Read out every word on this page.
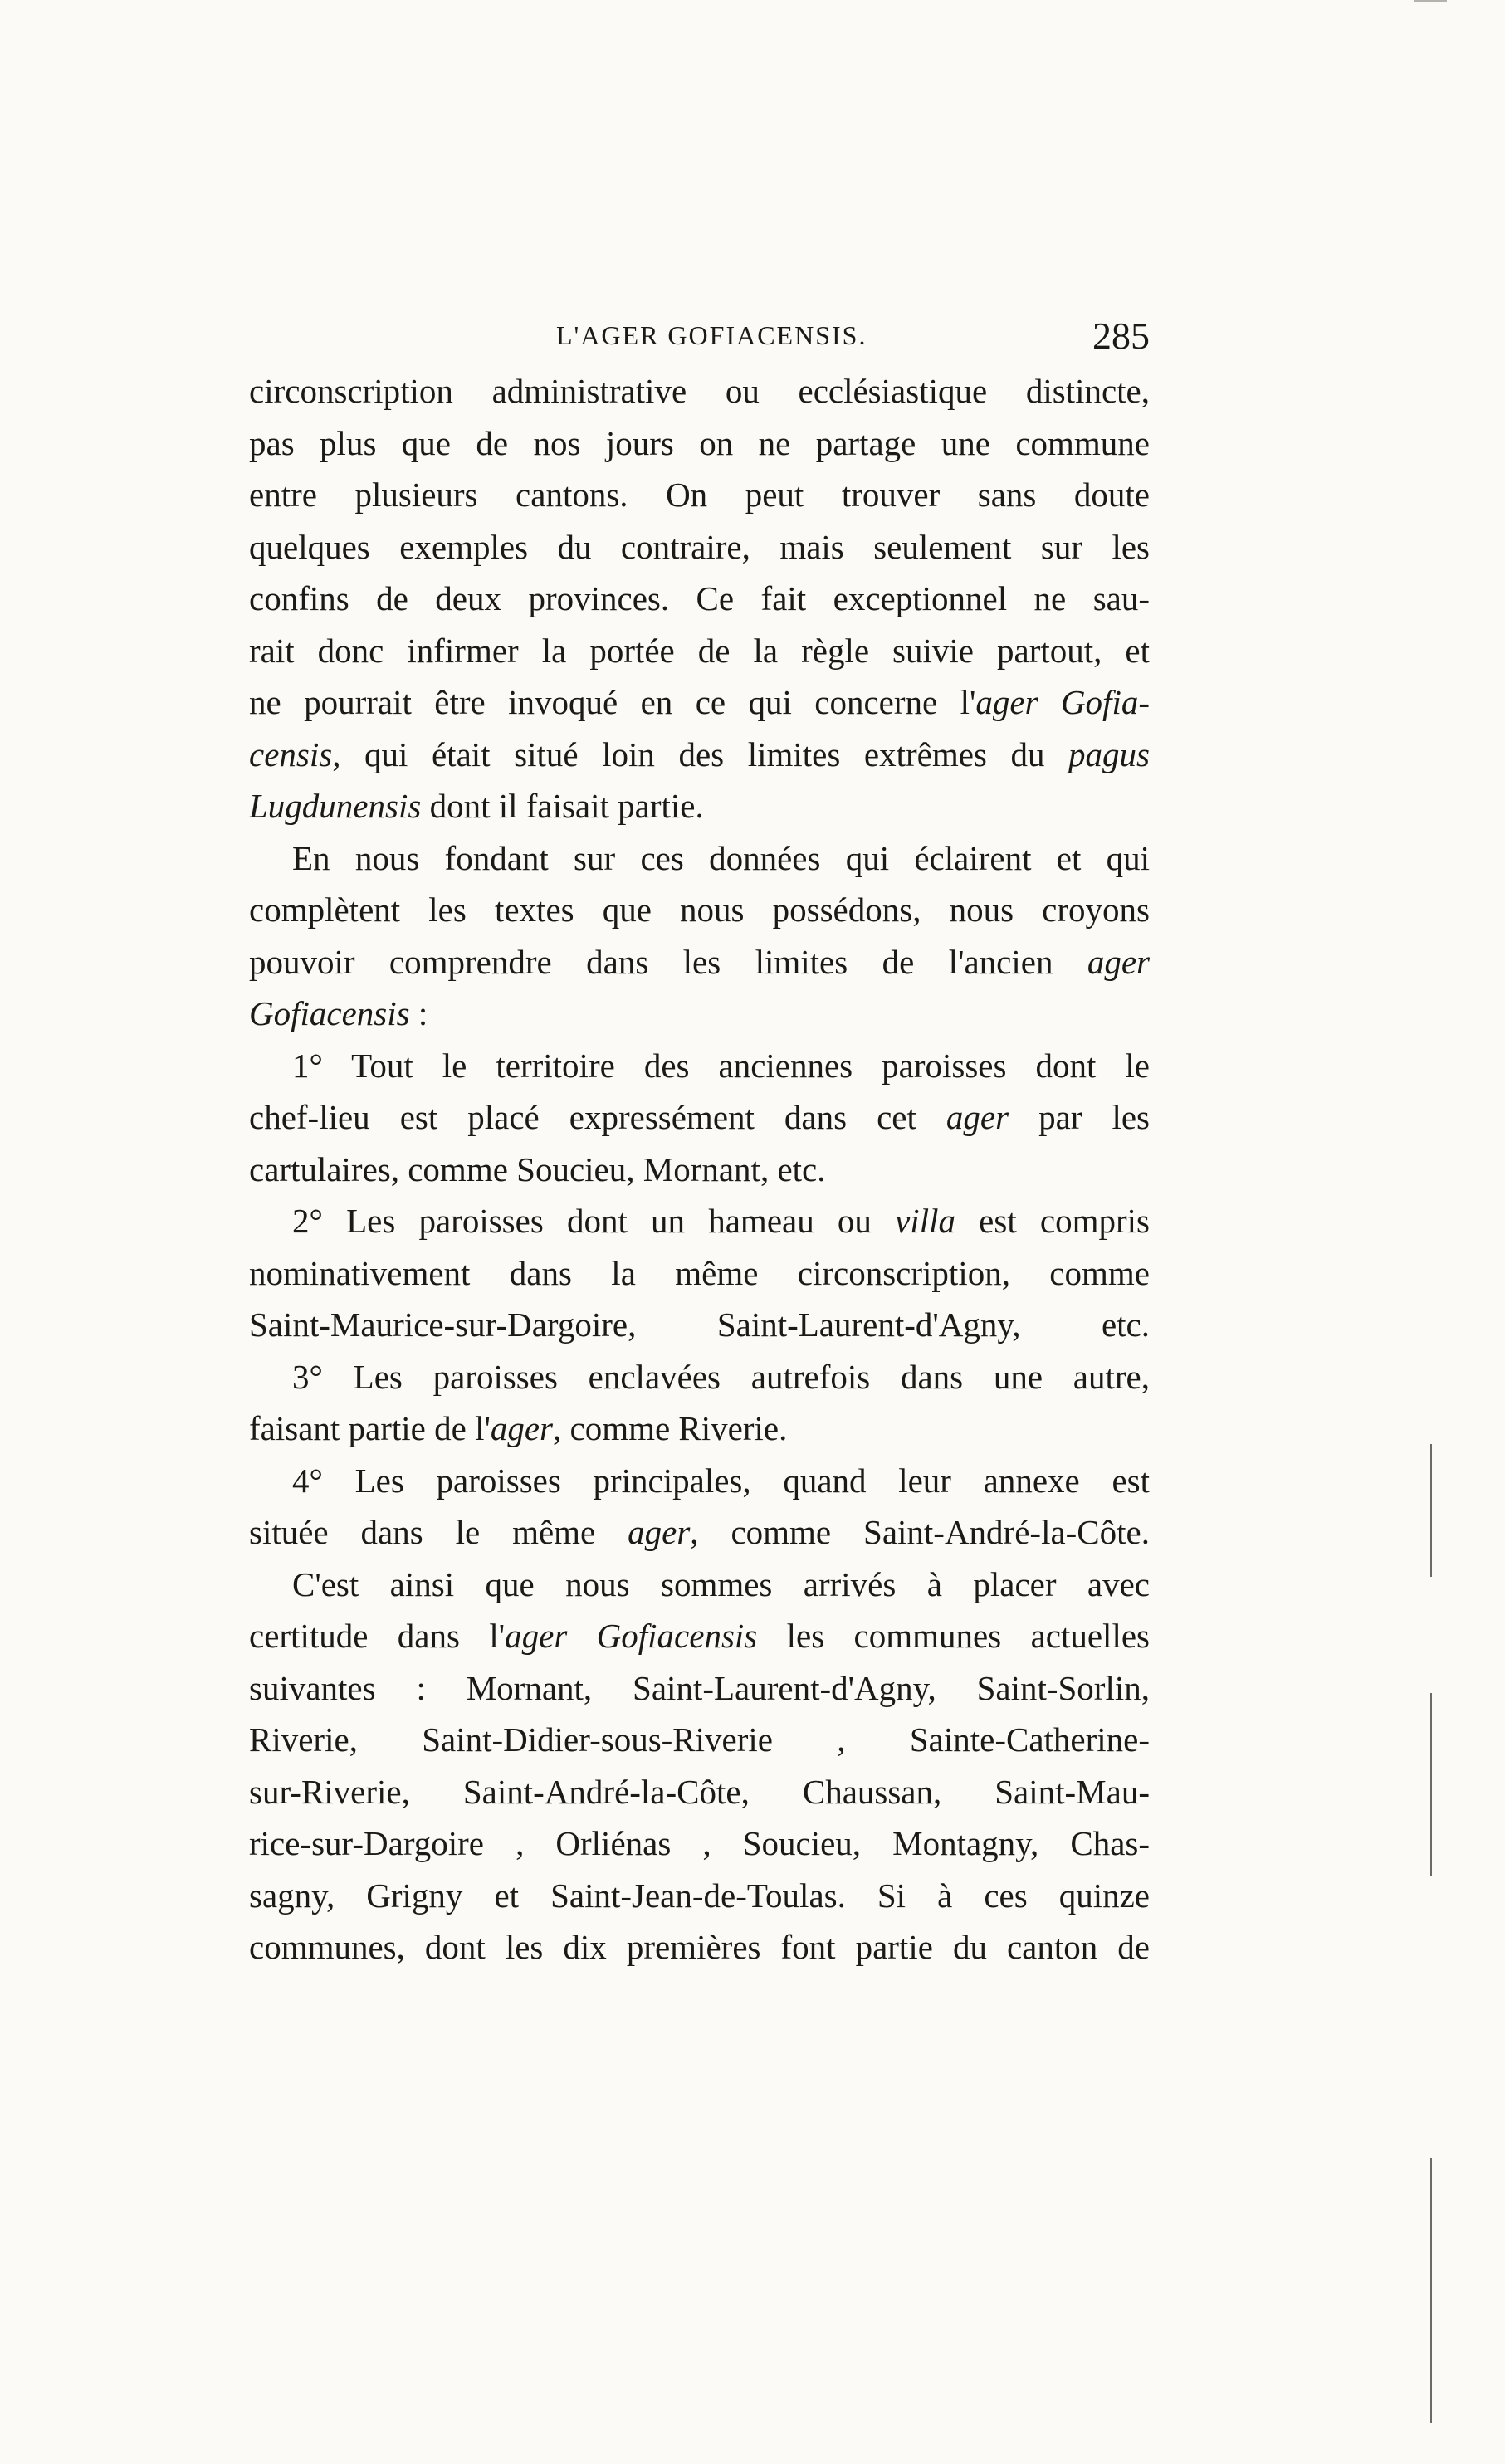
L'AGER GOFIACENSIS.	285
circonscription administrative ou ecclésiastique distincte,
pas plus que de nos jours on ne partage une commune
entre plusieurs cantons. On peut trouver sans doute
quelques exemples du contraire, mais seulement sur les
confins de deux provinces. Ce fait exceptionnel ne sau-
rait donc infirmer la portée de la règle suivie partout, et
ne pourrait être invoqué en ce qui concerne l'ager Gofia-
censis, qui était situé loin des limites extrêmes du pagus
Lugdunensis dont il faisait partie.
En nous fondant sur ces données qui éclairent et qui
complètent les textes que nous possédons, nous croyons
pouvoir comprendre dans les limites de l'ancien ager
Gofiacensis :
1° Tout le territoire des anciennes paroisses dont le
chef-lieu est placé expressément dans cet ager par les
cartulaires, comme Soucieu, Mornant, etc.
2° Les paroisses dont un hameau ou villa est compris
nominativement dans la même circonscription, comme
Saint-Maurice-sur-Dargoire, Saint-Laurent-d'Agny, etc.
3° Les paroisses enclavées autrefois dans une autre,
faisant partie de l'ager, comme Riverie.
4° Les paroisses principales, quand leur annexe est
située dans le même ager, comme Saint-André-la-Côte.
C'est ainsi que nous sommes arrivés à placer avec
certitude dans l'ager Gofiacensis les communes actuelles
suivantes : Mornant, Saint-Laurent-d'Agny, Saint-Sorlin,
Riverie, Saint-Didier-sous-Riverie , Sainte-Catherine-
sur-Riverie, Saint-André-la-Côte, Chaussan, Saint-Mau-
rice-sur-Dargoire , Orliénas , Soucieu, Montagny, Chas-
sagny, Grigny et Saint-Jean-de-Toulas. Si à ces quinze
communes, dont les dix premières font partie du canton de
